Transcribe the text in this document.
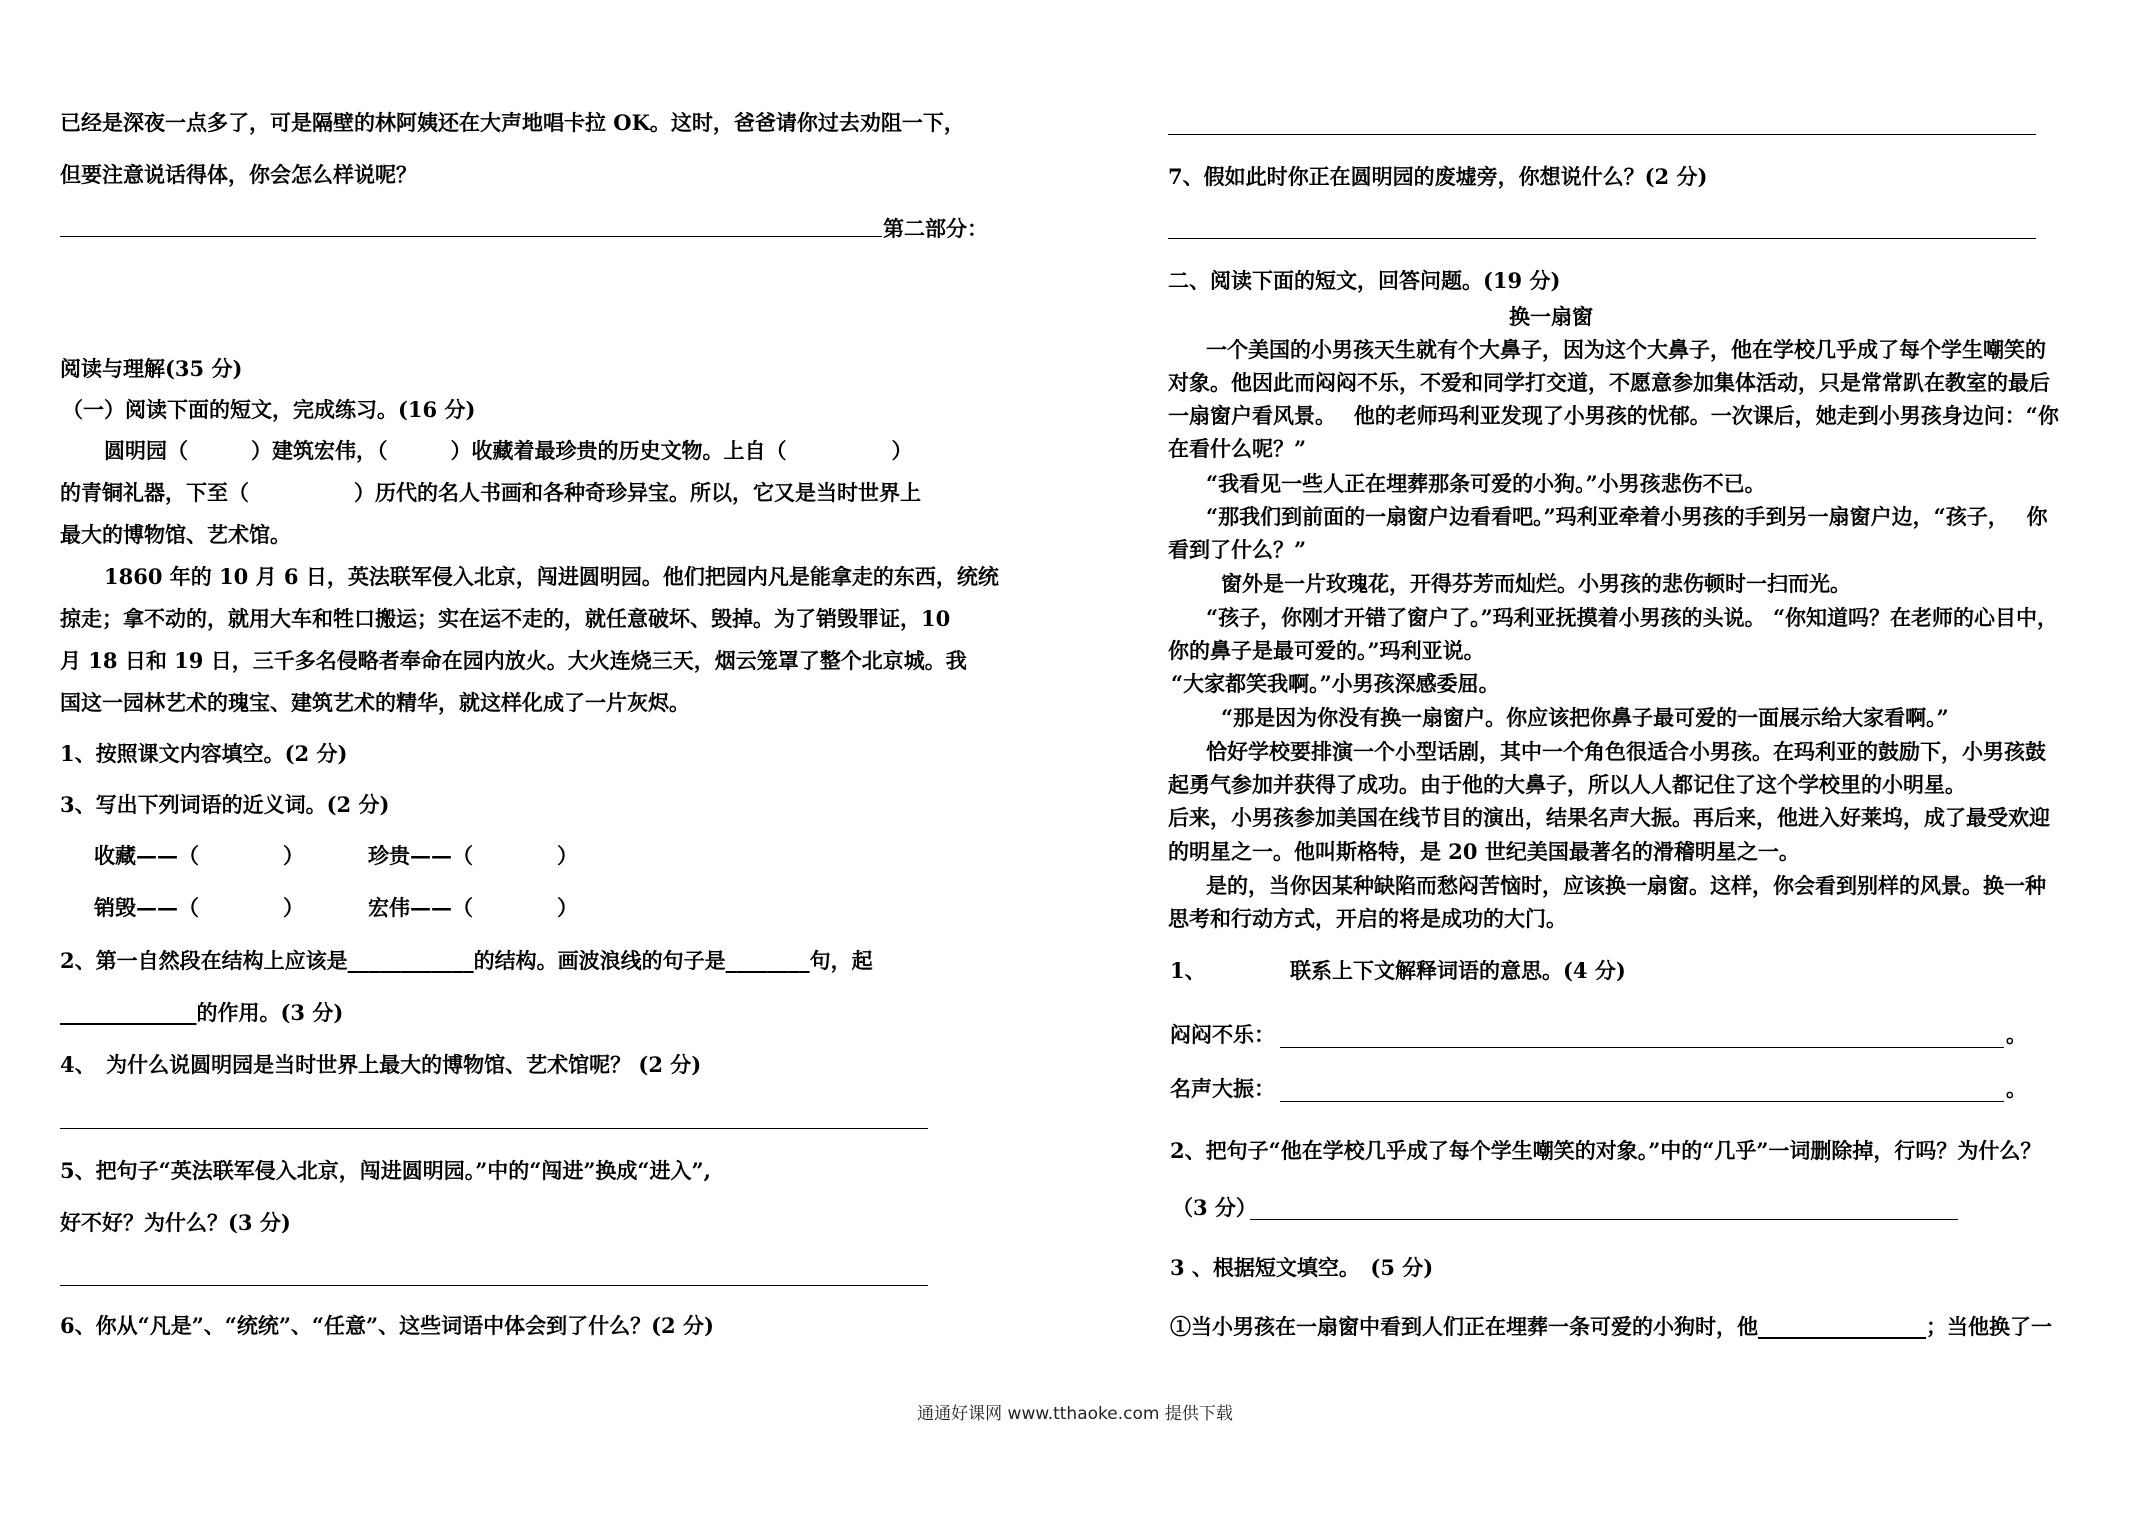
已经是深夜一点多了，可是隔壁的林阿姨还在大声地唱卡拉 OK。这时，爸爸请你过去劝阻一下，
但要注意说话得体，你会怎么样说呢？
第二部分：
阅读与理解(35 分)
（一）阅读下面的短文，完成练习。(16 分)
圆明园（　　　）建筑宏伟，（　　　）收藏着最珍贵的历史文物。上自（　　　　　）
的青铜礼器，下至（　　　　　）历代的名人书画和各种奇珍异宝。所以，它又是当时世界上
最大的博物馆、艺术馆。
1860 年的 10 月 6 日，英法联军侵入北京，闯进圆明园。他们把园内凡是能拿走的东西，统统
掠走；拿不动的，就用大车和牲口搬运；实在运不走的，就任意破坏、毁掉。为了销毁罪证，10
月 18 日和 19 日，三千多名侵略者奉命在园内放火。大火连烧三天，烟云笼罩了整个北京城。我
国这一园林艺术的瑰宝、建筑艺术的精华，就这样化成了一片灰烬。
1、按照课文内容填空。(2 分)
3、写出下列词语的近义词。(2 分)
收藏——（　　　　）	珍贵——（　　　　）
销毁——（　　　　）	宏伟——（　　　　）
2、第一自然段在结构上应该是____________的结构。画波浪线的句子是________句，起
_____________的作用。(3 分)
4、　为什么说圆明园是当时世界上最大的博物馆、艺术馆呢？ (2 分)
5、把句子“英法联军侵入北京，闯进圆明园。”中的“闯进”换成“进入”,
好不好？为什么？(3 分)
6、你从“凡是”、“统统”、“任意”、这些词语中体会到了什么？(2 分)
7、假如此时你正在圆明园的废墟旁，你想说什么？(2 分)
二、阅读下面的短文，回答问题。(19 分)
换一扇窗
一个美国的小男孩天生就有个大鼻子，因为这个大鼻子，他在学校几乎成了每个学生嘲笑的
对象。他因此而闷闷不乐，不爱和同学打交道，不愿意参加集体活动，只是常常趴在教室的最后
一扇窗户看风景。　 他的老师玛利亚发现了小男孩的忧郁。一次课后，她走到小男孩身边问：“你
在看什么呢？”
“我看见一些人正在埋葬那条可爱的小狗。”小男孩悲伤不已。
“那我们到前面的一扇窗户边看看吧。”玛利亚牵着小男孩的手到另一扇窗户边，“孩子，　 你
看到了什么？”
窗外是一片玫瑰花，开得芬芳而灿烂。小男孩的悲伤顿时一扫而光。
“孩子，你刚才开错了窗户了。”玛利亚抚摸着小男孩的头说。 “你知道吗？在老师的心目中，
你的鼻子是最可爱的。”玛利亚说。
“大家都笑我啊。”小男孩深感委屈。
“那是因为你没有换一扇窗户。你应该把你鼻子最可爱的一面展示给大家看啊。”
恰好学校要排演一个小型话剧，其中一个角色很适合小男孩。在玛利亚的鼓励下，小男孩鼓
起勇气参加并获得了成功。由于他的大鼻子，所以人人都记住了这个学校里的小明星。
后来，小男孩参加美国在线节目的演出，结果名声大振。再后来，他进入好莱坞，成了最受欢迎
的明星之一。他叫斯格特，是 20 世纪美国最著名的滑稽明星之一。
是的，当你因某种缺陷而愁闷苦恼时，应该换一扇窗。这样，你会看到别样的风景。换一种
思考和行动方式，开启的将是成功的大门。
1、	联系上下文解释词语的意思。(4 分)
闷闷不乐：	。
名声大振：	。
2、把句子“他在学校几乎成了每个学生嘲笑的对象。”中的“几乎”一词删除掉，行吗？为什么？
（3 分）
3 、根据短文填空。　(5 分)
①当小男孩在一扇窗中看到人们正在埋葬一条可爱的小狗时，他________________；当他换了一
通通好课网 www.tthaoke.com 提供下载
